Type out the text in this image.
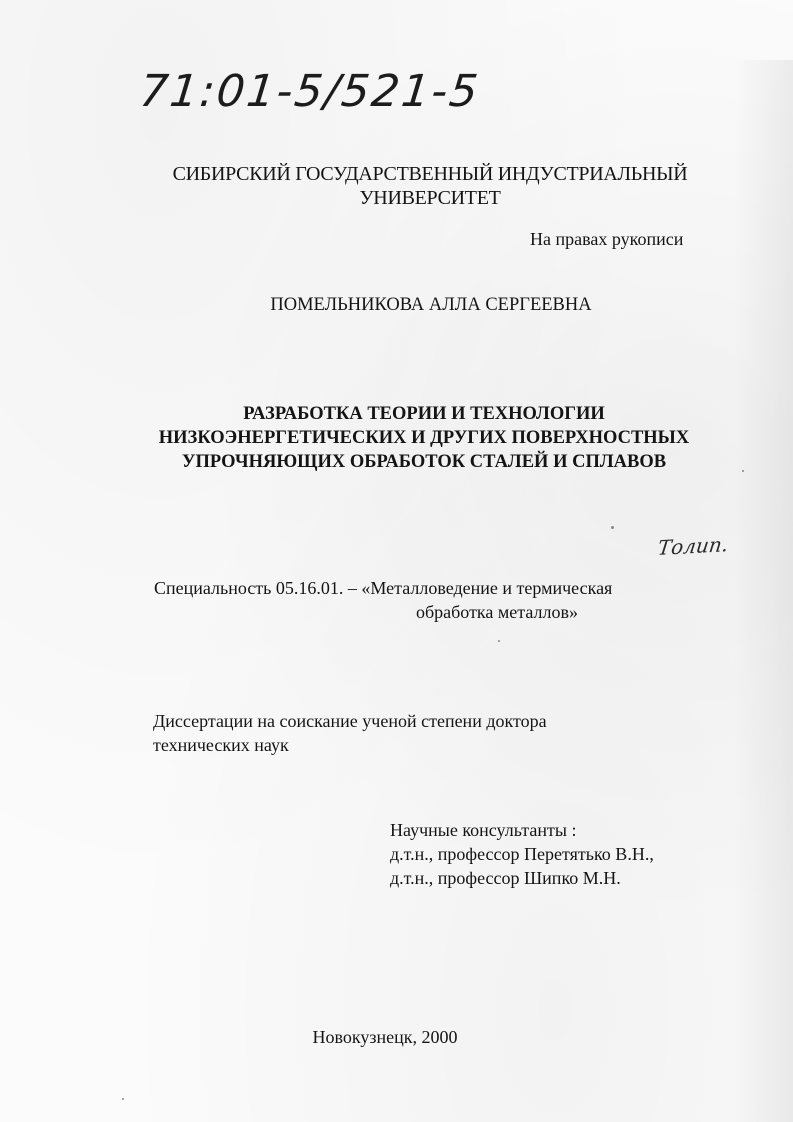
71:01-5/521-5
СИБИРСКИЙ ГОСУДАРСТВЕННЫЙ ИНДУСТРИАЛЬНЫЙ
УНИВЕРСИТЕТ
На правах рукописи
ПОМЕЛЬНИКОВА АЛЛА СЕРГЕЕВНА
РАЗРАБОТКА ТЕОРИИ И ТЕХНОЛОГИИ
НИЗКОЭНЕРГЕТИЧЕСКИХ И ДРУГИХ ПОВЕРХНОСТНЫХ
УПРОЧНЯЮЩИХ ОБРАБОТОК СТАЛЕЙ И СПЛАВОВ
Толип.
Специальность 05.16.01. – «Металловедение и термическая
обработка металлов»
Диссертации на соискание ученой степени доктора
технических наук
Научные консультанты :
д.т.н., профессор Перетятько В.Н.,
д.т.н., профессор Шипко М.Н.
Новокузнецк, 2000
